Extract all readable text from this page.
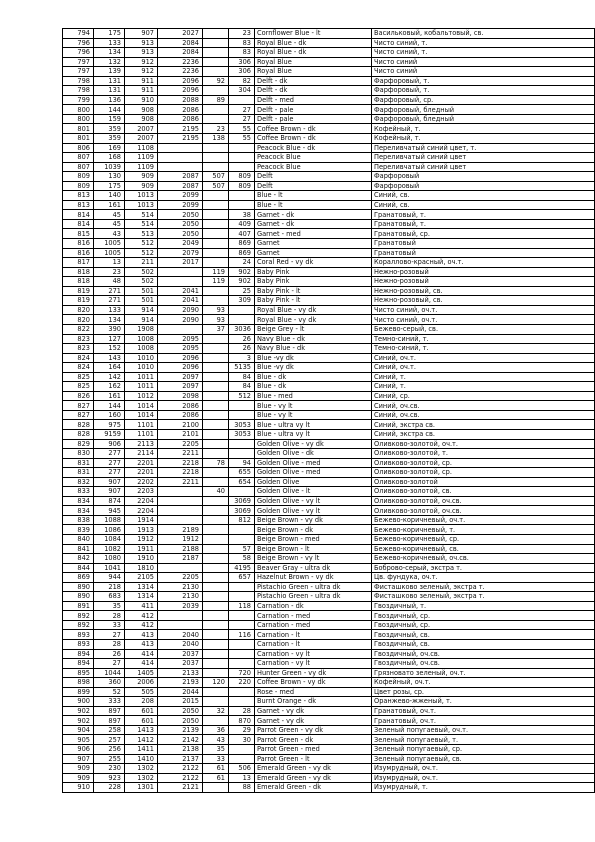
794	175	907	2027		23	Cornflower Blue - lt	Васильковый, кобальтовый, св.
796	133	913	2084		83	Royal Blue - dk	Чисто синий, т.
796	134	913	2084		83	Royal Blue - dk	Чисто синий, т.
797	132	912	2236		306	Royal Blue	Чисто синий
797	139	912	2236		306	Royal Blue	Чисто синий
798	131	911	2096	92	82	Delft - dk	Фарфоровый, т.
798	131	911	2096		304	Delft - dk	Фарфоровый, т.
799	136	910	2088	89		Delft - med	Фарфоровый, ср.
800	144	908	2086		27	Delft - pale	Фарфоровый, бледный
800	159	908	2086		27	Delft - pale	Фарфоровый, бледный
801	359	2007	2195	23	55	Coffee Brown - dk	Кофейный, т.
801	359	2007	2195	138	55	Coffee Brown - dk	Кофейный, т.
806	169	1108				Peacock Blue - dk	Переливчатый синий цвет, т.
807	168	1109				Peacock Blue	Переливчатый синий цвет
807	1039	1109				Peacock Blue	Переливчатый синий цвет
809	130	909	2087	507	809	Delft	Фарфоровый
809	175	909	2087	507	809	Delft	Фарфоровый
813	140	1013	2099			Blue - lt	Синий, св.
813	161	1013	2099			Blue - lt	Синий, св.
814	45	514	2050		38	Garnet - dk	Гранатовый, т.
814	45	514	2050		409	Garnet - dk	Гранатовый, т.
815	43	513	2050		407	Garnet - med	Гранатовый, ср.
816	1005	512	2049		869	Garnet	Гранатовый
816	1005	512	2079		869	Garnet	Гранатовый
817	13	211	2017		24	Coral Red - vy dk	Кораллово-красный, оч.т.
818	23	502		119	902	Baby Pink	Нежно-розовый
818	48	502		119	902	Baby Pink	Нежно-розовый
819	271	501	2041		25	Baby Pink - lt	Нежно-розовый, св.
819	271	501	2041		309	Baby Pink - lt	Нежно-розовый, св.
820	133	914	2090	93		Royal Blue - vy dk	Чисто синий, оч.т.
820	134	914	2090	93		Royal Blue - vy dk	Чисто синий, оч.т.
822	390	1908		37	3036	Beige Grey - lt	Бежево-серый, св.
823	127	1008	2095		26	Navy Blue - dk	Темно-синий, т.
823	152	1008	2095		26	Navy Blue - dk	Темно-синий, т.
824	143	1010	2096		3	Blue -vy dk	Синий, оч.т.
824	164	1010	2096		5135	Blue -vy dk	Синий, оч.т.
825	142	1011	2097		84	Blue - dk	Синий, т.
825	162	1011	2097		84	Blue - dk	Синий, т.
826	161	1012	2098		512	Blue - med	Синий, ср.
827	144	1014	2086			Blue - vy lt	Синий, оч.св.
827	160	1014	2086			Blue - vy lt	Синий, оч.св.
828	975	1101	2100		3053	Blue - ultra vy lt	Синий, экстра св.
828	9159	1101	2101		3053	Blue - ultra vy lt	Синий, экстра св.
829	906	2113	2205			Golden Olive - vy dk	Оливково-золотой, оч.т.
830	277	2114	2211			Golden Olive - dk	Оливково-золотой, т.
831	277	2201	2218	78	94	Golden Olive - med	Оливково-золотой, ср.
831	277	2201	2218		655	Golden Olive - med	Оливково-золотой, ср.
832	907	2202	2211		654	Golden Olive	Оливково-золотой
833	907	2203		40		Golden Olive - lt	Оливково-золотой, св.
834	874	2204			3069	Golden Olive - vy lt	Оливково-золотой, оч.св.
834	945	2204			3069	Golden Olive - vy lt	Оливково-золотой, оч.св.
838	1088	1914			812	Beige Brown - vy dk	Бежево-коричневый, оч.т.
839	1086	1913	2189			Beige Brown - dk	Бежево-коричневый, т.
840	1084	1912	1912			Beige Brown - med	Бежево-коричневый, ср.
841	1082	1911	2188		57	Beige Brown - lt	Бежево-коричневый, св.
842	1080	1910	2187		58	Beige Brown - vy lt	Бежево-коричневый, оч.св.
844	1041	1810			4195	Beaver Gray - ultra dk	Боброво-серый, экстра т.
869	944	2105	2205		657	Hazelnut Brown - vy dk	Цв. фундука, оч.т.
890	218	1314	2130			Pistachio Green - ultra dk	Фисташково зеленый, экстра т.
890	683	1314	2130			Pistachio Green - ultra dk	Фисташково зеленый, экстра т.
891	35	411	2039		118	Carnation - dk	Гвоздичный, т.
892	28	412				Carnation - med	Гвоздичный, ср.
892	33	412				Carnation - med	Гвоздичный, ср.
893	27	413	2040		116	Carnation - lt	Гвоздичный, св.
893	28	413	2040			Carnation - lt	Гвоздичный, св.
894	26	414	2037			Carnation - vy lt	Гвоздичный, оч.св.
894	27	414	2037			Carnation - vy lt	Гвоздичный, оч.св.
895	1044	1405	2133		720	Hunter Green - vy dk	Грязновато зеленый, оч.т.
898	360	2006	2193	120	220	Coffee Brown - vy dk	Кофейный, оч.т.
899	52	505	2044			Rose - med	Цвет розы, ср.
900	333	208	2015			Burnt Orange - dk	Оранжево-жженый, т.
902	897	601	2050	32	28	Garnet - vy dk	Гранатовый, оч.т.
902	897	601	2050		870	Garnet - vy dk	Гранатовый, оч.т.
904	258	1413	2139	36	29	Parrot Green - vy dk	Зеленый попугаевый, оч.т.
905	257	1412	2142	43	30	Parrot Green - dk	Зеленый попугаевый, т.
906	256	1411	2138	35		Parrot Green - med	Зеленый попугаевый, ср.
907	255	1410	2137	33		Parrot Green - lt	Зеленый попугаевый, св.
909	230	1302	2122	61	506	Emerald Green - vy dk	Изумрудный, оч.т.
909	923	1302	2122	61	13	Emerald Green - vy dk	Изумрудный, оч.т.
910	228	1301	2121		88	Emerald Green - dk	Изумрудный, т.
